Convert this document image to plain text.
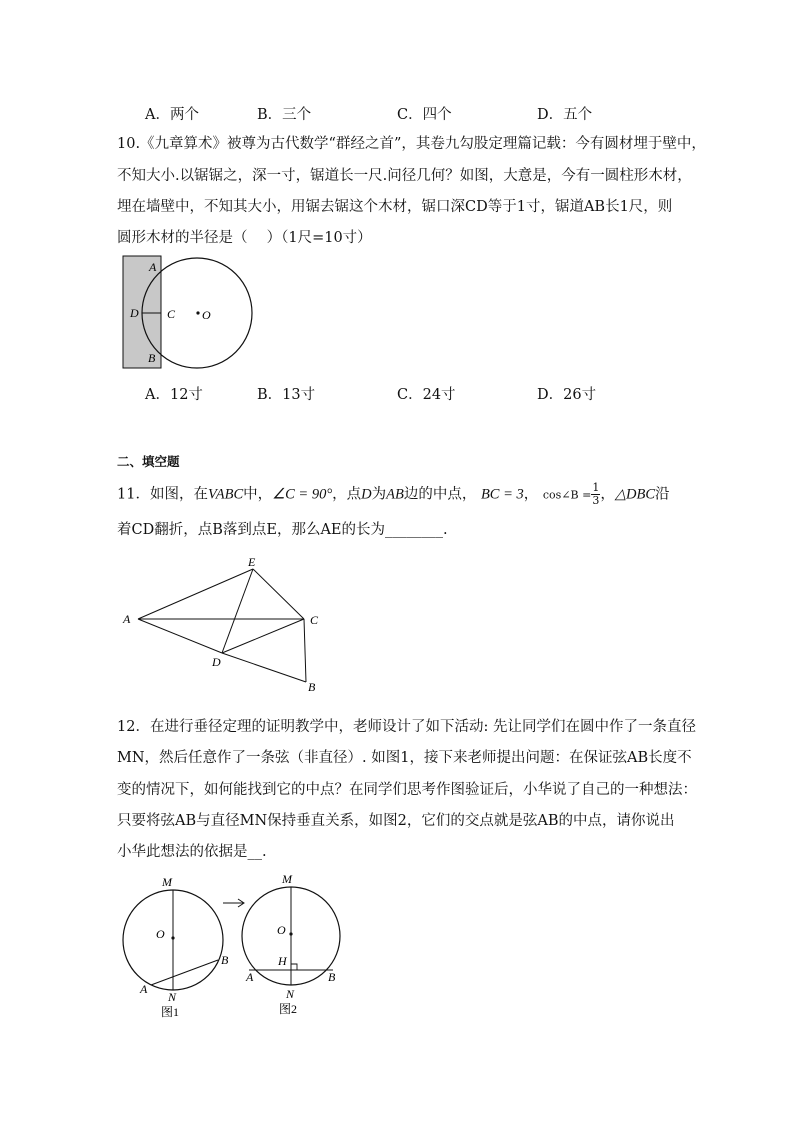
A．两个	B．三个	C．四个	D．五个
10.《九章算术》被尊为古代数学“群经之首”，其卷九勾股定理篇记载：今有圆材埋于壁中，
不知大小.以锯锯之，深一寸，锯道长一尺.问径几何？如图，大意是，今有一圆柱形木材，
埋在墙壁中，不知其大小，用锯去锯这个木材，锯口深CD等于1寸，锯道AB长1尺，则
圆形木材的半径是（　 ）（1尺=10寸）
A
D C O
B
A．12寸	B．13寸	C．24寸	D．26寸
二、填空题
11．如图，在VABC中，∠C = 90°，点D为AB边的中点， BC = 3， cos∠B = $\frac{1}{3}$ ，△DBC沿
着CD翻折，点B落到点E，那么AE的长为________.
A
E
C
D
B
12．在进行垂径定理的证明教学中，老师设计了如下活动: 先让同学们在圆中作了一条直径
MN，然后任意作了一条弦（非直径）. 如图1，接下来老师提出问题：在保证弦AB长度不
变的情况下，如何能找到它的中点？在同学们思考作图验证后，小华说了自己的一种想法：
只要将弦AB与直径MN保持垂直关系，如图2，它们的交点就是弦AB的中点，请你说出
小华此想法的依据是__.
M
O
B
A
N
图1
M
O
H
A	B
N
图2
